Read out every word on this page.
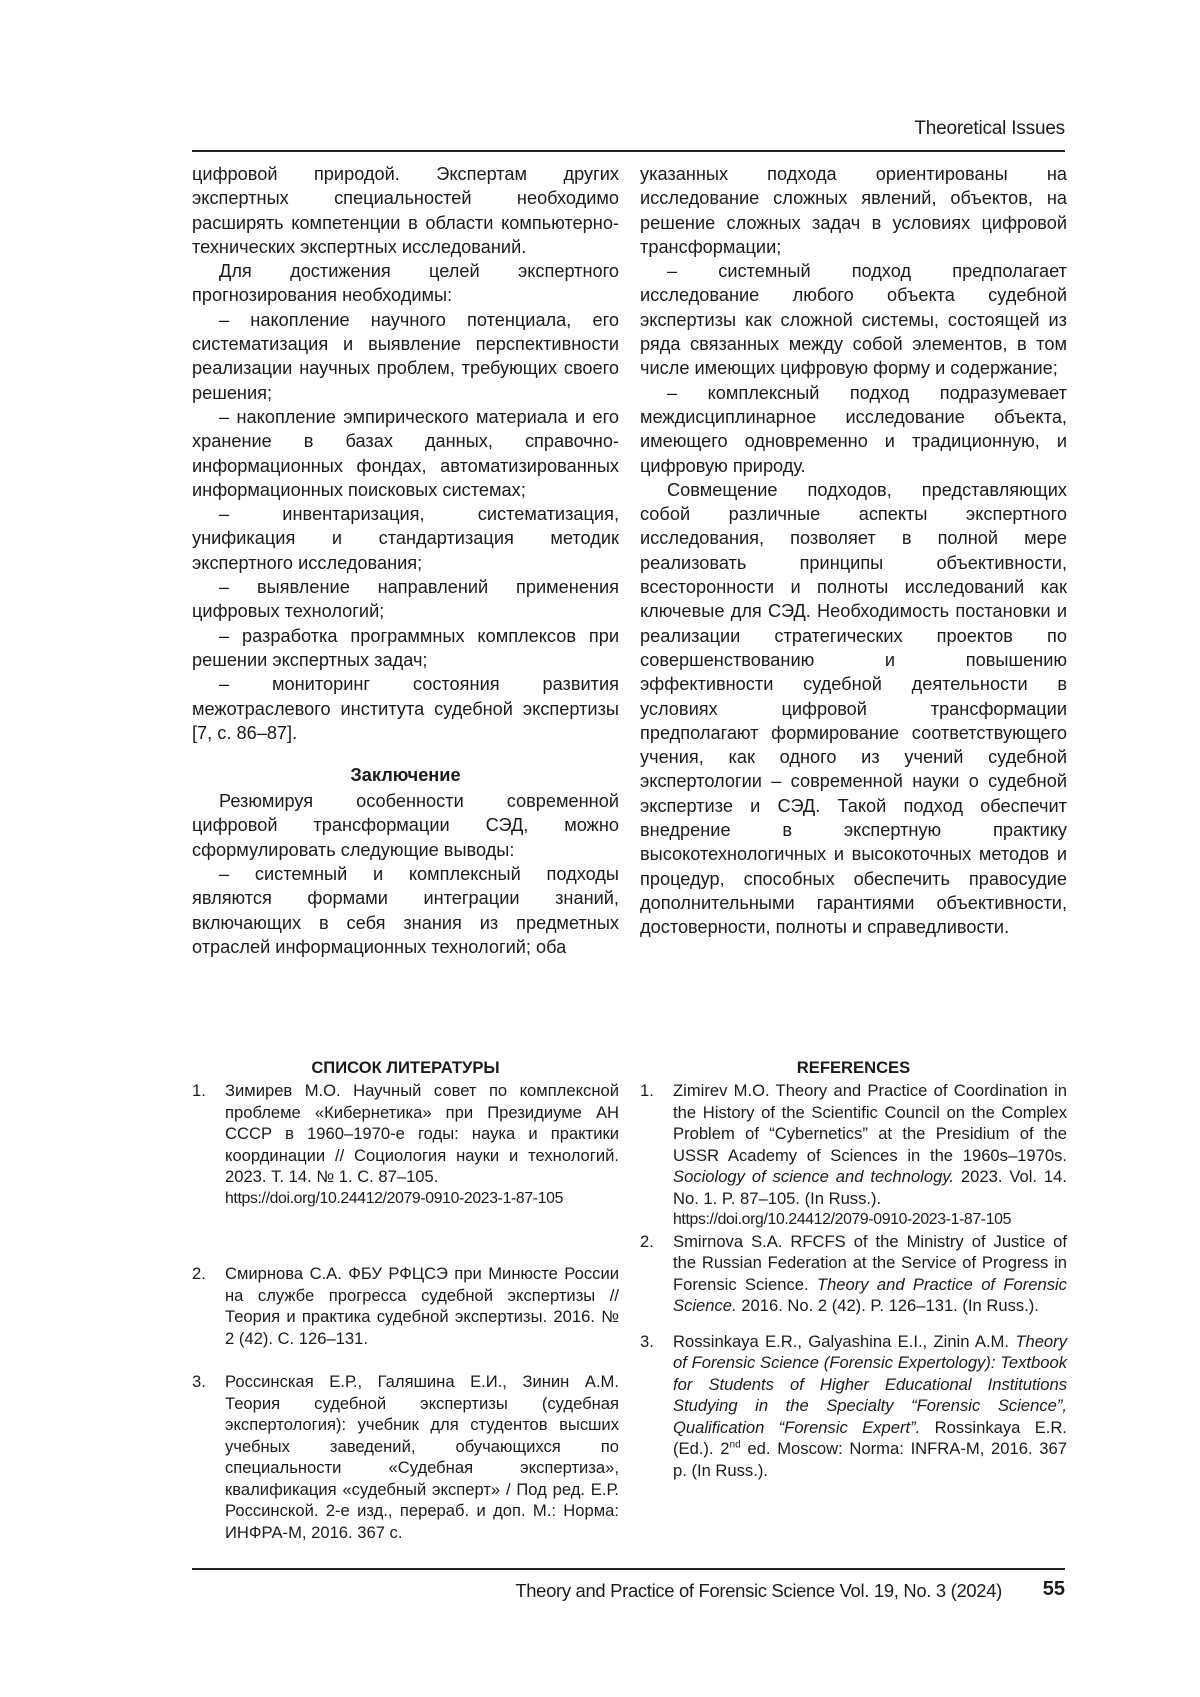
Theoretical Issues

цифровой природой. Экспертам других экспертных специальностей необходимо расширять компетенции в области компьютерно-технических экспертных исследований.

Для достижения целей экспертного прогнозирования необходимы:

– накопление научного потенциала, его систематизация и выявление перспективности реализации научных проблем, требующих своего решения;

– накопление эмпирического материала и его хранение в базах данных, справочно-информационных фондах, автоматизированных информационных поисковых системах;

– инвентаризация, систематизация, унификация и стандартизация методик экспертного исследования;

– выявление направлений применения цифровых технологий;

– разработка программных комплексов при решении экспертных задач;

– мониторинг состояния развития межотраслевого института судебной экспертизы [7, с. 86–87].

Заключение

Резюмируя особенности современной цифровой трансформации СЭД, можно сформулировать следующие выводы:

– системный и комплексный подходы являются формами интеграции знаний, включающих в себя знания из предметных отраслей информационных технологий; оба

указанных подхода ориентированы на исследование сложных явлений, объектов, на решение сложных задач в условиях цифровой трансформации;

– системный подход предполагает исследование любого объекта судебной экспертизы как сложной системы, состоящей из ряда связанных между собой элементов, в том числе имеющих цифровую форму и содержание;

– комплексный подход подразумевает междисциплинарное исследование объекта, имеющего одновременно и традиционную, и цифровую природу.

Совмещение подходов, представляющих собой различные аспекты экспертного исследования, позволяет в полной мере реализовать принципы объективности, всесторонности и полноты исследований как ключевые для СЭД. Необходимость постановки и реализации стратегических проектов по совершенствованию и повышению эффективности судебной деятельности в условиях цифровой трансформации предполагают формирование соответствующего учения, как одного из учений судебной экспертологии – современной науки о судебной экспертизе и СЭД. Такой подход обеспечит внедрение в экспертную практику высокотехнологичных и высокоточных методов и процедур, способных обеспечить правосудие дополнительными гарантиями объективности, достоверности, полноты и справедливости.

СПИСОК ЛИТЕРАТУРЫ
1. Зимирев М.О. Научный совет по комплексной проблеме «Кибернетика» при Президиуме АН СССР в 1960–1970-е годы: наука и практики координации // Социология науки и технологий. 2023. Т. 14. № 1. С. 87–105.
https://doi.org/10.24412/2079-0910-2023-1-87-105
2. Смирнова С.А. ФБУ РФЦСЭ при Минюсте России на службе прогресса судебной экспертизы // Теория и практика судебной экспертизы. 2016. № 2 (42). С. 126–131.
3. Россинская Е.Р., Галяшина Е.И., Зинин А.М. Теория судебной экспертизы (судебная экспертология): учебник для студентов высших учебных заведений, обучающихся по специальности «Судебная экспертиза», квалификация «судебный эксперт» / Под ред. Е.Р. Россинской. 2-е изд., перераб. и доп. М.: Норма: ИНФРА-М, 2016. 367 с.
REFERENCES
1. Zimirev M.O. Theory and Practice of Coordination in the History of the Scientific Council on the Complex Problem of “Cybernetics” at the Presidium of the USSR Academy of Sciences in the 1960s–1970s. Sociology of science and technology. 2023. Vol. 14. No. 1. P. 87–105. (In Russ.).
https://doi.org/10.24412/2079-0910-2023-1-87-105
2. Smirnova S.A. RFCFS of the Ministry of Justice of the Russian Federation at the Service of Progress in Forensic Science. Theory and Practice of Forensic Science. 2016. No. 2 (42). P. 126–131. (In Russ.).
3. Rossinkaya E.R., Galyashina E.I., Zinin A.M. Theory of Forensic Science (Forensic Expertology): Textbook for Students of Higher Educational Institutions Studying in the Specialty “Forensic Science”, Qualification “Forensic Expert”. Rossinkaya E.R. (Ed.). 2nd ed. Moscow: Norma: INFRA-M, 2016. 367 p. (In Russ.).
Theory and Practice of Forensic Science Vol. 19, No. 3 (2024) 55
